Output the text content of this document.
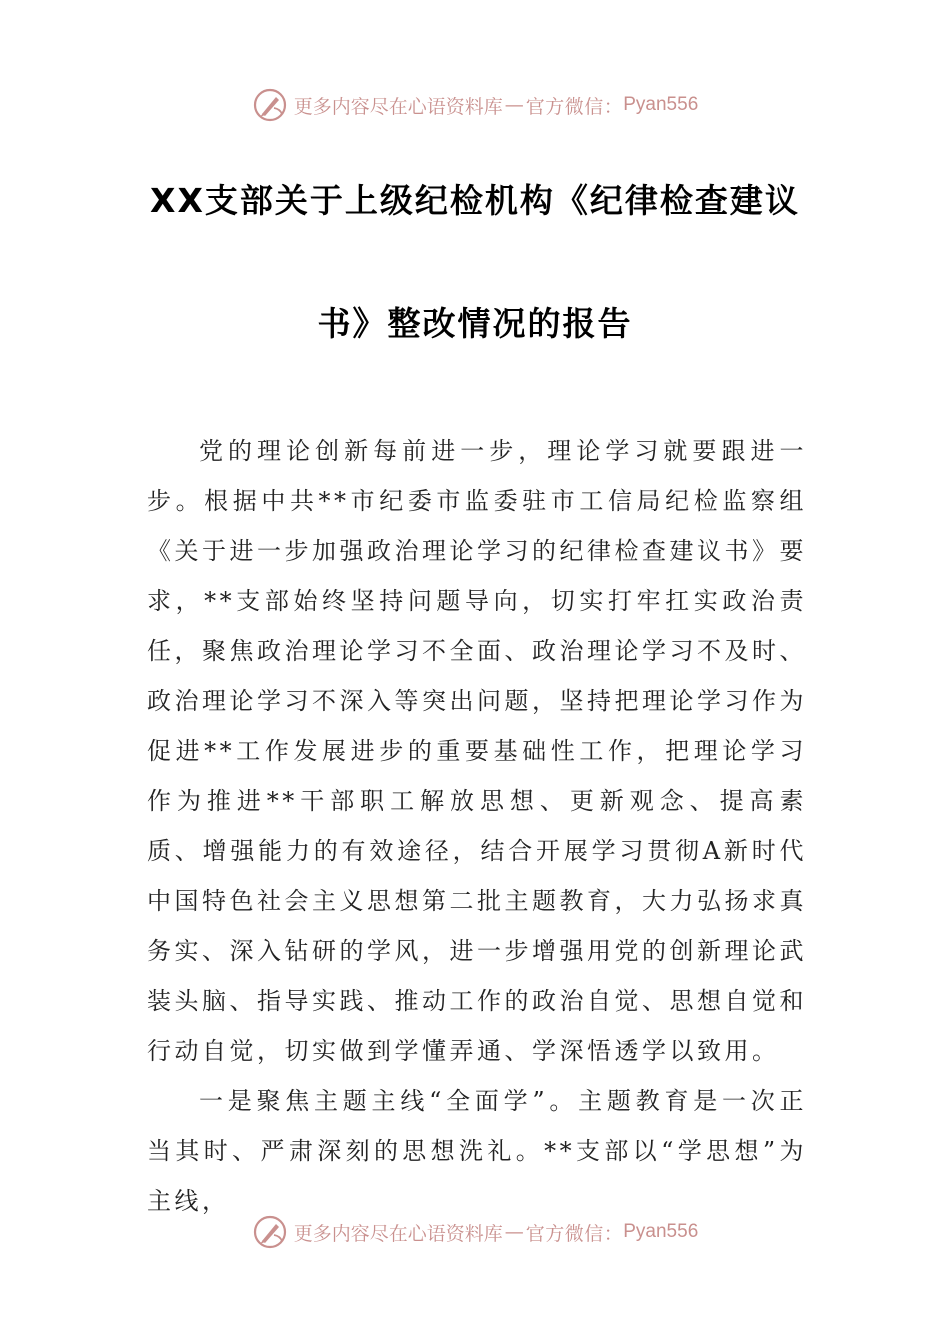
更多内容尽在心语资料库 — 官方微信： Pyan556
XX支部关于上级纪检机构《纪律检查建议
书》整改情况的报告

党的理论创新每前进一步，理论学习就要跟进一步。根据中共**市纪委市监委驻市工信局纪检监察组《关于进一步加强政治理论学习的纪律检查建议书》要求，**支部始终坚持问题导向，切实打牢扛实政治责任，聚焦政治理论学习不全面、政治理论学习不及时、政治理论学习不深入等突出问题，坚持把理论学习作为促进**工作发展进步的重要基础性工作，把理论学习作为推进**干部职工解放思想、更新观念、提高素质、增强能力的有效途径，结合开展学习贯彻A新时代中国特色社会主义思想第二批主题教育，大力弘扬求真务实、深入钻研的学风，进一步增强用党的创新理论武装头脑、指导实践、推动工作的政治自觉、思想自觉和行动自觉，切实做到学懂弄通、学深悟透学以致用。

一是聚焦主题主线“全面学”。主题教育是一次正当其时、严肃深刻的思想洗礼。**支部以“学思想”为主线，

更多内容尽在心语资料库 — 官方微信： Pyan556
